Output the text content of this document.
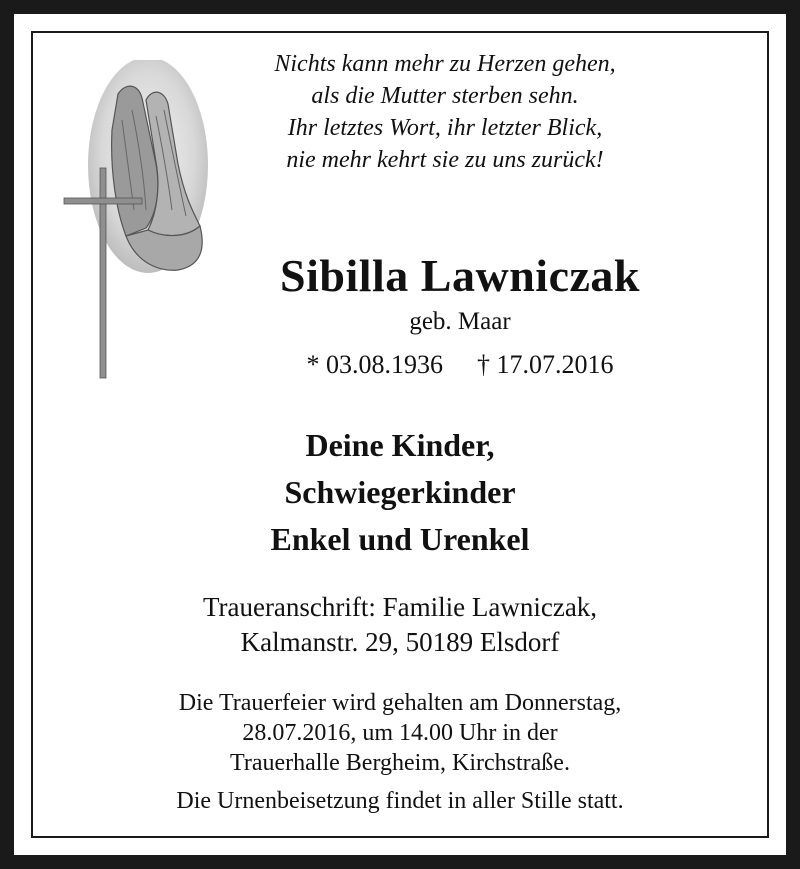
Nichts kann mehr zu Herzen gehen,
als die Mutter sterben sehn.
Ihr letztes Wort, ihr letzter Blick,
nie mehr kehrt sie zu uns zurück!
Sibilla Lawniczak
geb. Maar
* 03.08.1936 † 17.07.2016
Deine Kinder,
Schwiegerkinder
Enkel und Urenkel
Traueranschrift: Familie Lawniczak,
Kalmanstr. 29, 50189 Elsdorf
Die Trauerfeier wird gehalten am Donnerstag,
28.07.2016, um 14.00 Uhr in der
Trauerhalle Bergheim, Kirchstraße.
Die Urnenbeisetzung findet in aller Stille statt.
